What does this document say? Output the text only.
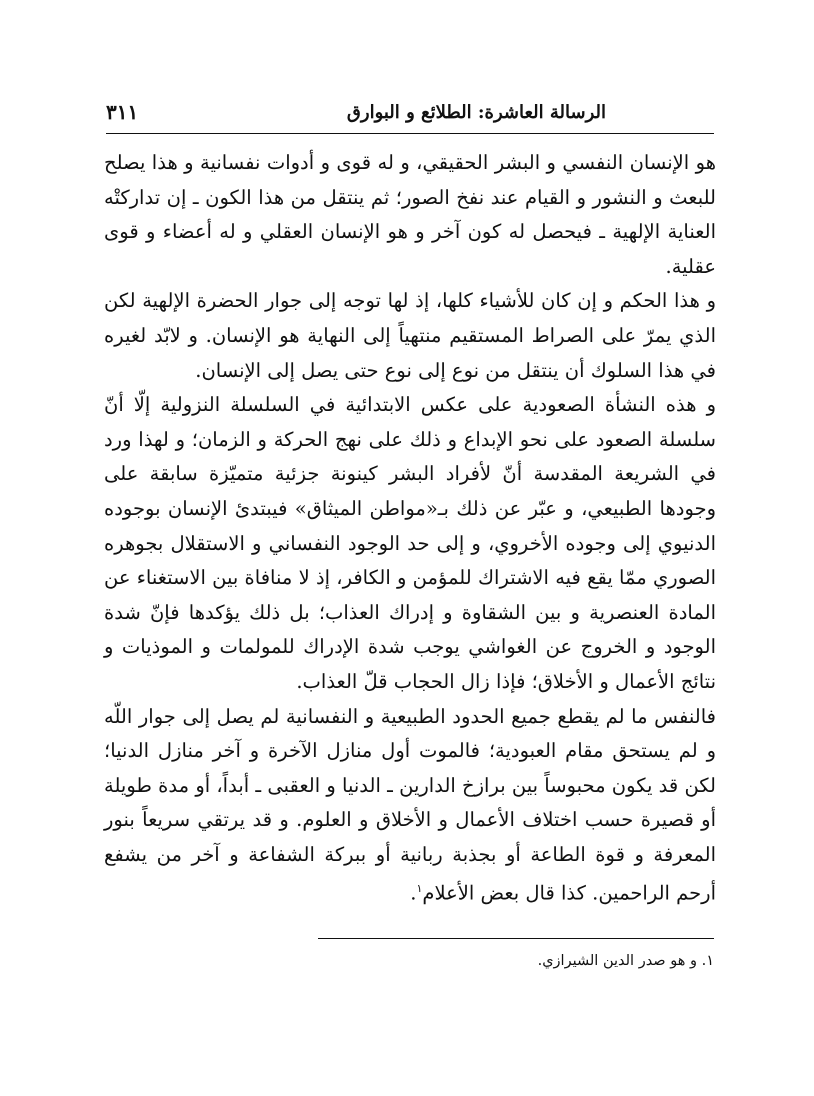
الرسالة العاشرة: الطلائع و البوارق
٣١١

هو الإنسان النفسي و البشر الحقيقي، و له قوى و أدوات نفسانية و هذا يصلح للبعث و النشور و القيام عند نفخ الصور؛ ثم ينتقل من هذا الكون ـ إن تداركتْه العناية الإلهية ـ فيحصل له كون آخر و هو الإنسان العقلي و له أعضاء و قوى عقلية.

و هذا الحكم و إن كان للأشياء كلها، إذ لها توجه إلى جوار الحضرة الإلهية لكن الذي يمرّ على الصراط المستقيم منتهياً إلى النهاية هو الإنسان. و لابّد لغيره في هذا السلوك أن ينتقل من نوع إلى نوع حتى يصل إلى الإنسان.

و هذه النشأة الصعودية على عكس الابتدائية في السلسلة النزولية إلّا أنّ سلسلة الصعود على نحو الإبداع و ذلك على نهج الحركة و الزمان؛ و لهذا ورد في الشريعة المقدسة أنّ لأفراد البشر كينونة جزئية متميّزة سابقة على وجودها الطبيعي، و عبّر عن ذلك بـ«مواطن الميثاق» فيبتدئ الإنسان بوجوده الدنيوي إلى وجوده الأخروي، و إلى حد الوجود النفساني و الاستقلال بجوهره الصوري ممّا يقع فيه الاشتراك للمؤمن و الكافر، إذ لا منافاة بين الاستغناء عن المادة العنصرية و بين الشقاوة و إدراك العذاب؛ بل ذلك يؤكدها فإنّ شدة الوجود و الخروج عن الغواشي يوجب شدة الإدراك للمولمات و الموذيات و نتائج الأعمال و الأخلاق؛ فإذا زال الحجاب قلّ العذاب.

فالنفس ما لم يقطع جميع الحدود الطبيعية و النفسانية لم يصل إلى جوار اللّه و لم يستحق مقام العبودية؛ فالموت أول منازل الآخرة و آخر منازل الدنيا؛ لكن قد يكون محبوساً بين برازخ الدارين ـ الدنيا و العقبى ـ أبداً، أو مدة طويلة أو قصيرة حسب اختلاف الأعمال و الأخلاق و العلوم. و قد يرتقي سريعاً بنور المعرفة و قوة الطاعة أو بجذبة ربانية أو ببركة الشفاعة و آخر من يشفع أرحم الراحمين. كذا قال بعض الأعلام$^١$.

١. و هو صدر الدين الشيرازي.
